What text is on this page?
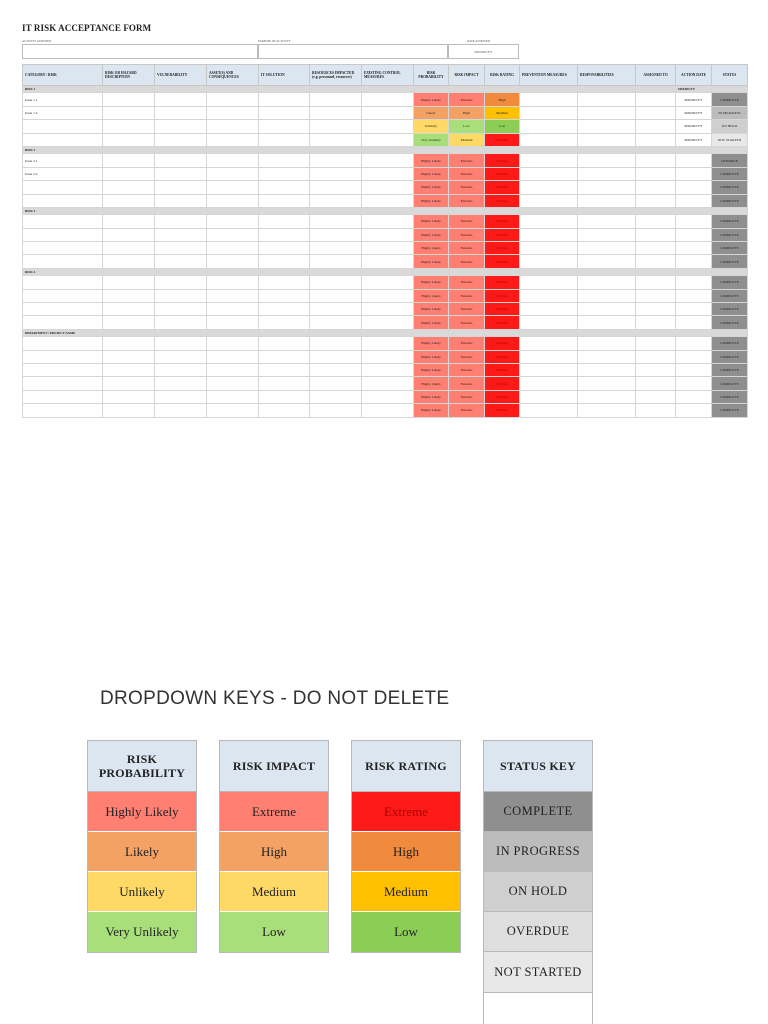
IT RISK ACCEPTANCE FORM
ACTIVITY ASSESSED	PURPOSE OF ACTIVITY	DATE ASSESSED
MM/DD/YY
CATEGORY / RISK	RISK OR HAZARD DESCRIPTION	VULNERABILITY	ASSET(S) AND CONSEQUENCES	IT SOLUTION	RESOURCES IMPACTED (e.g. personnel, resources)	EXISTING CONTROL MEASURES	RISK PROBABILITY	RISK IMPACT	RISK RATING	PREVENTION MEASURES	RESPONSIBILITIES	ASSIGNED TO	ACTION DATE	STATUS
RISK 1													MM/DD/YY	
Issue 1.1							Highly Likely	Extreme	High				MM/DD/YY	COMPLETE
Issue 1.2							Likely	High	Medium				MM/DD/YY	IN PROGRESS
							Unlikely	Low	Low				MM/DD/YY	ON HOLD
							Very Unlikely	Medium	Extreme				MM/DD/YY	NOT STARTED
RISK 2														
Issue 2.1							Highly Likely	Extreme	Extreme					OVERDUE
Issue 2.2							Highly Likely	Extreme	Extreme					COMPLETE
							Highly Likely	Extreme	Extreme					COMPLETE
							Highly Likely	Extreme	Extreme					COMPLETE
RISK 3														
							Highly Likely	Extreme	Extreme					COMPLETE
							Highly Likely	Extreme	Extreme					COMPLETE
							Highly Likely	Extreme	Extreme					COMPLETE
							Highly Likely	Extreme	Extreme					COMPLETE
RISK 4														
							Highly Likely	Extreme	Extreme					COMPLETE
							Highly Likely	Extreme	Extreme					COMPLETE
							Highly Likely	Extreme	Extreme					COMPLETE
							Highly Likely	Extreme	Extreme					COMPLETE
DEPARTMENT / PROJECT NAME														
							Highly Likely	Extreme	Extreme					COMPLETE
							Highly Likely	Extreme	Extreme					COMPLETE
							Highly Likely	Extreme	Extreme					COMPLETE
							Highly Likely	Extreme	Extreme					COMPLETE
							Highly Likely	Extreme	Extreme					COMPLETE
							Highly Likely	Extreme	Extreme					COMPLETE
DROPDOWN KEYS - DO NOT DELETE
RISK PROBABILITY
Highly Likely
Likely
Unlikely
Very Unlikely
RISK IMPACT
Extreme
High
Medium
Low
RISK RATING
Extreme
High
Medium
Low
STATUS KEY
COMPLETE
IN PROGRESS
ON HOLD
OVERDUE
NOT STARTED
